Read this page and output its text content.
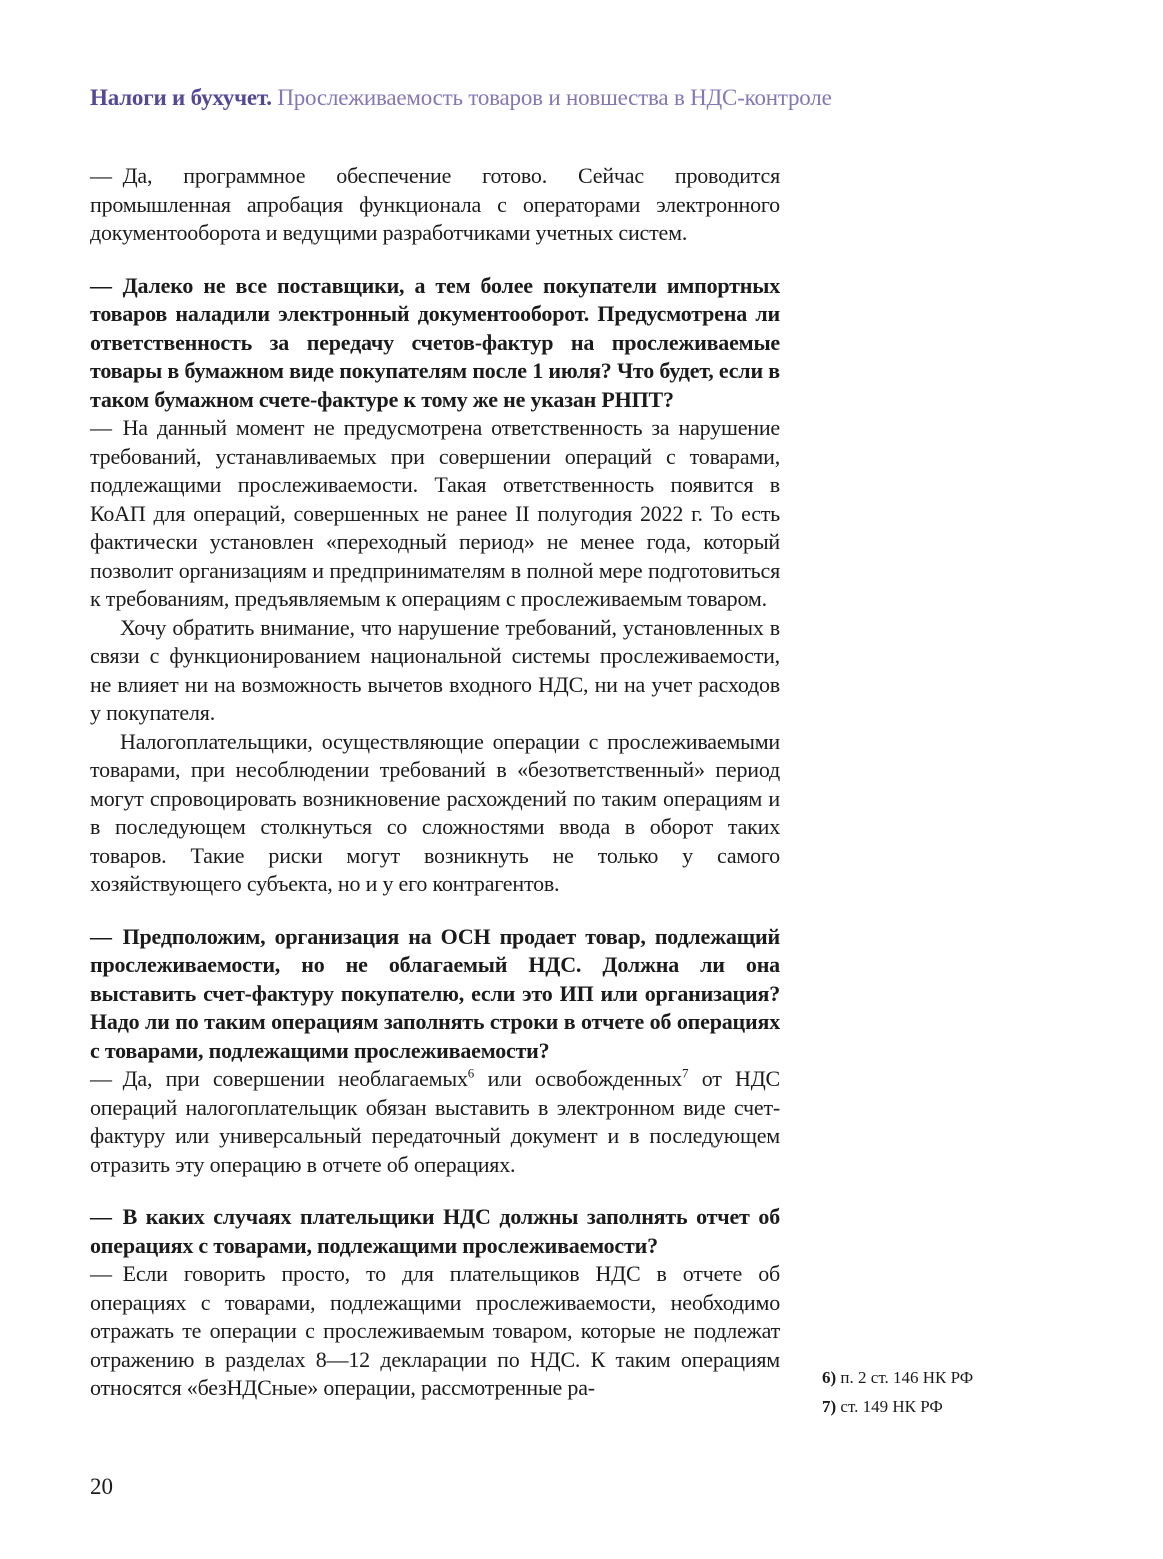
Налоги и бухучет. Прослеживаемость товаров и новшества в НДС-контроле

— Да, программное обеспечение готово. Сейчас проводится промышленная апробация функционала с операторами электронного документооборота и ведущими разработчиками учетных систем.

— Далеко не все поставщики, а тем более покупатели импортных товаров наладили электронный документооборот. Предусмотрена ли ответственность за передачу счетов-фактур на прослеживаемые товары в бумажном виде покупателям после 1 июля? Что будет, если в таком бумажном счете-фактуре к тому же не указан РНПТ?

— На данный момент не предусмотрена ответственность за нарушение требований, устанавливаемых при совершении операций с товарами, подлежащими прослеживаемости. Такая ответственность появится в КоАП для операций, совершенных не ранее II полугодия 2022 г. То есть фактически установлен «переходный период» не менее года, который позволит организациям и предпринимателям в полной мере подготовиться к требованиям, предъявляемым к операциям с прослеживаемым товаром.

Хочу обратить внимание, что нарушение требований, установленных в связи с функционированием национальной системы прослеживаемости, не влияет ни на возможность вычетов входного НДС, ни на учет расходов у покупателя.

Налогоплательщики, осуществляющие операции с прослеживаемыми товарами, при несоблюдении требований в «безответственный» период могут спровоцировать возникновение расхождений по таким операциям и в последующем столкнуться со сложностями ввода в оборот таких товаров. Такие риски могут возникнуть не только у самого хозяйствующего субъекта, но и у его контрагентов.

— Предположим, организация на ОСН продает товар, подлежащий прослеживаемости, но не облагаемый НДС. Должна ли она выставить счет-фактуру покупателю, если это ИП или организация? Надо ли по таким операциям заполнять строки в отчете об операциях с товарами, подлежащими прослеживаемости?

— Да, при совершении необлагаемых$^6$ или освобожденных$^7$ от НДС операций налогоплательщик обязан выставить в электронном виде счет-фактуру или универсальный передаточный документ и в последующем отразить эту операцию в отчете об операциях.

— В каких случаях плательщики НДС должны заполнять отчет об операциях с товарами, подлежащими прослеживаемости?

— Если говорить просто, то для плательщиков НДС в отчете об операциях с товарами, подлежащими прослеживаемости, необходимо отражать те операции с прослеживаемым товаром, которые не подлежат отражению в разделах 8—12 декларации по НДС. К таким операциям относятся «безНДСные» операции, рассмотренные ра-	6) п. 2 ст. 146 НК РФ

7) ст. 149 НК РФ

20
